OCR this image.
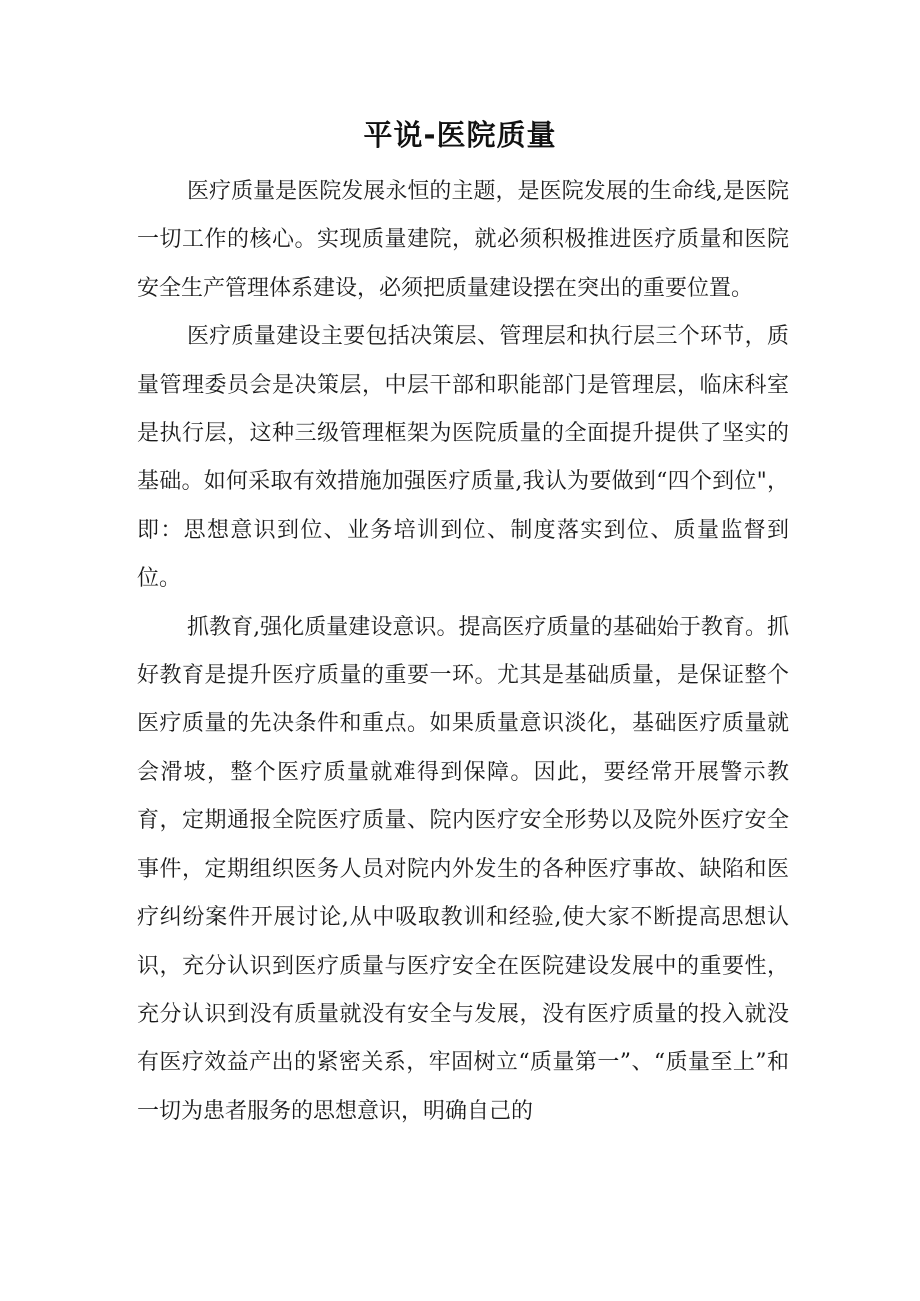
平说-医院质量

医疗质量是医院发展永恒的主题，是医院发展的生命线,是医院一切工作的核心。实现质量建院，就必须积极推进医疗质量和医院安全生产管理体系建设，必须把质量建设摆在突出的重要位置。

医疗质量建设主要包括决策层、管理层和执行层三个环节，质量管理委员会是决策层，中层干部和职能部门是管理层，临床科室是执行层，这种三级管理框架为医院质量的全面提升提供了坚实的基础。如何采取有效措施加强医疗质量,我认为要做到“四个到位"，即：思想意识到位、业务培训到位、制度落实到位、质量监督到位。

抓教育,强化质量建设意识。提高医疗质量的基础始于教育。抓好教育是提升医疗质量的重要一环。尤其是基础质量，是保证整个医疗质量的先决条件和重点。如果质量意识淡化，基础医疗质量就会滑坡，整个医疗质量就难得到保障。因此，要经常开展警示教育，定期通报全院医疗质量、院内医疗安全形势以及院外医疗安全事件，定期组织医务人员对院内外发生的各种医疗事故、缺陷和医疗纠纷案件开展讨论,从中吸取教训和经验,使大家不断提高思想认识，充分认识到医疗质量与医疗安全在医院建设发展中的重要性，充分认识到没有质量就没有安全与发展，没有医疗质量的投入就没有医疗效益产出的紧密关系，牢固树立“质量第一”、“质量至上”和一切为患者服务的思想意识，明确自己的
